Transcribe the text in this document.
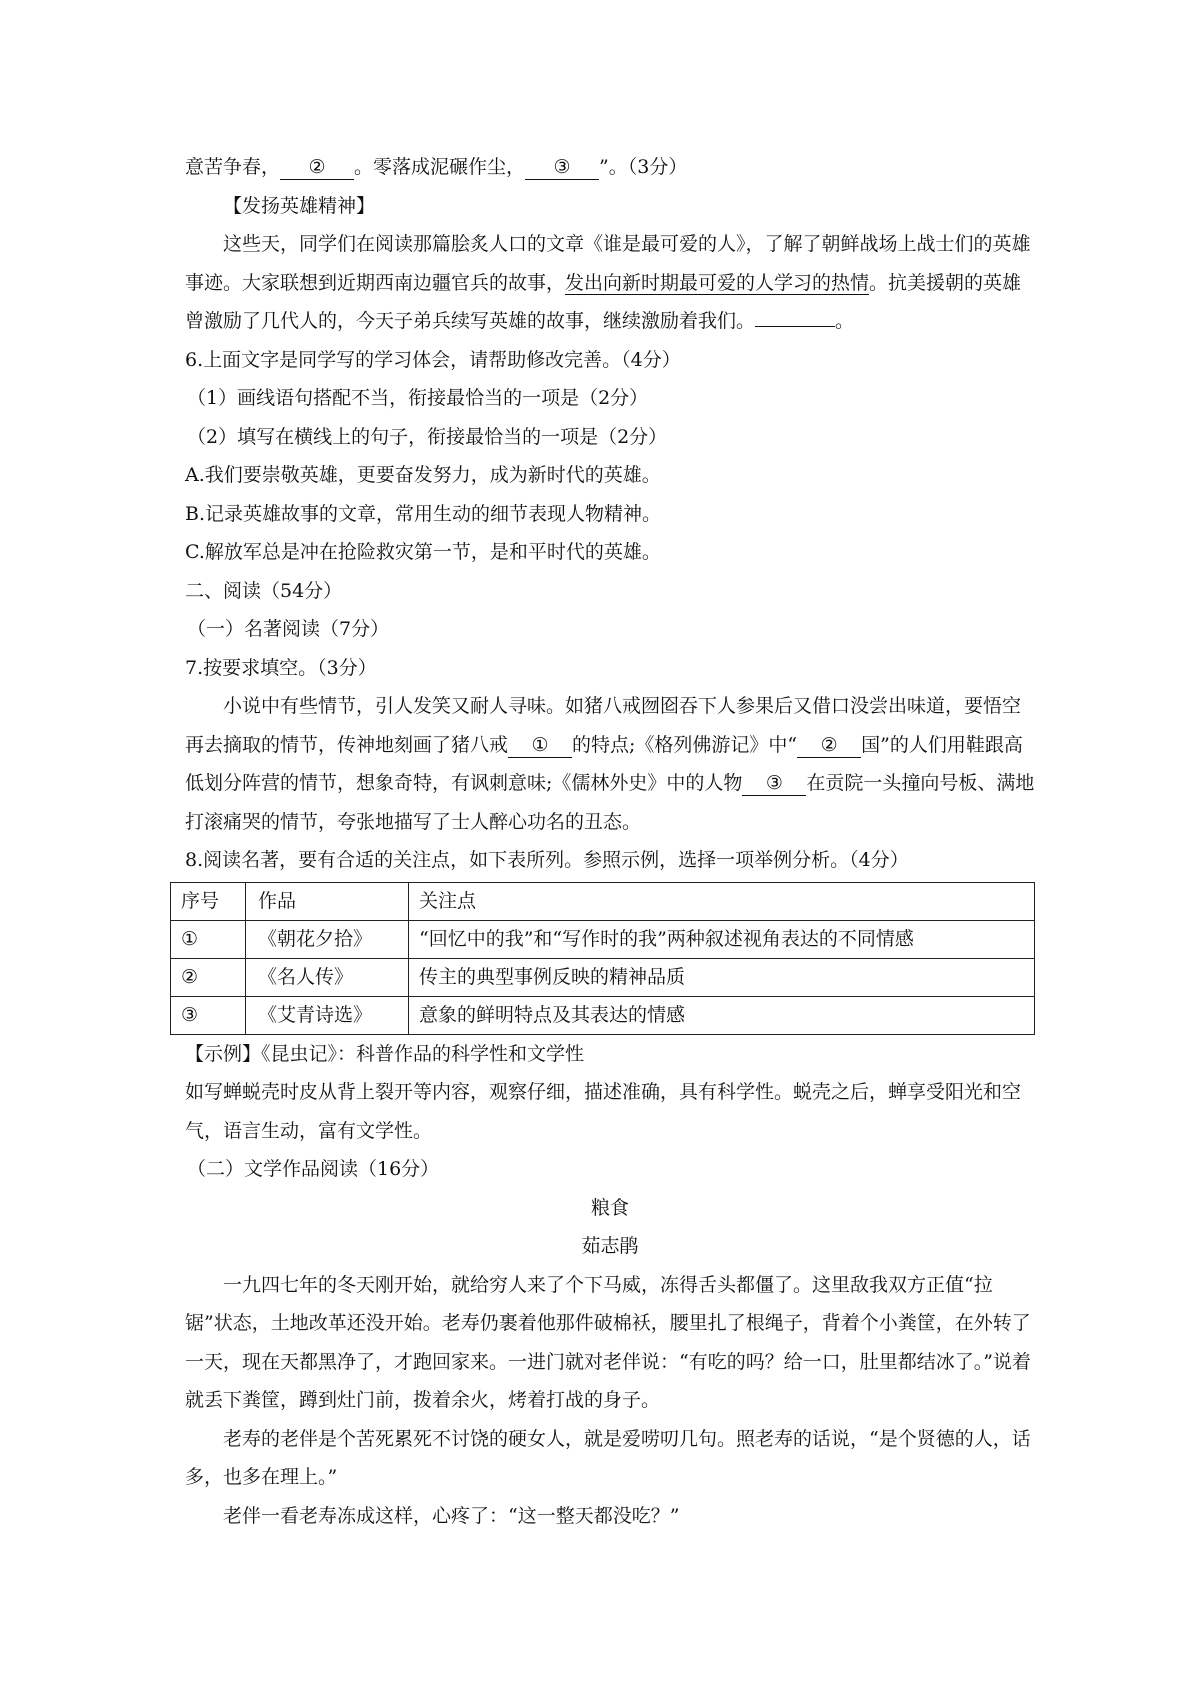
意苦争春， ② 。零落成泥碾作尘， ③ ”。（3分）

【发扬英雄精神】

这些天，同学们在阅读那篇脍炙人口的文章《谁是最可爱的人》，了解了朝鲜战场上战士们的英雄事迹。大家联想到近期西南边疆官兵的故事，发出向新时期最可爱的人学习的热情。抗美援朝的英雄曾激励了几代人的，今天子弟兵续写英雄的故事，继续激励着我们。	。

6.上面文字是同学写的学习体会，请帮助修改完善。（4分）

（1）画线语句搭配不当，衔接最恰当的一项是（2分）

（2）填写在横线上的句子，衔接最恰当的一项是（2分）

A.我们要崇敬英雄，更要奋发努力，成为新时代的英雄。

B.记录英雄故事的文章，常用生动的细节表现人物精神。

C.解放军总是冲在抢险救灾第一节，是和平时代的英雄。

二、阅读（54分）

（一）名著阅读（7分）

7.按要求填空。（3分）

小说中有些情节，引人发笑又耐人寻味。如猪八戒囫囵吞下人参果后又借口没尝出味道，要悟空再去摘取的情节，传神地刻画了猪八戒 ① 的特点;《格列佛游记》中“ ② 国”的人们用鞋跟高低划分阵营的情节，想象奇特，有讽刺意味;《儒林外史》中的人物 ③ 在贡院一头撞向号板、满地打滚痛哭的情节，夸张地描写了士人醉心功名的丑态。

8.阅读名著，要有合适的关注点，如下表所列。参照示例，选择一项举例分析。（4分）

序号	作品	关注点
①	《朝花夕拾》	“回忆中的我”和“写作时的我”两种叙述视角表达的不同情感
②	《名人传》	传主的典型事例反映的精神品质
③	《艾青诗选》	意象的鲜明特点及其表达的情感

【示例】《昆虫记》：科普作品的科学性和文学性

如写蝉蜕壳时皮从背上裂开等内容，观察仔细，描述准确，具有科学性。蜕壳之后，蝉享受阳光和空气，语言生动，富有文学性。

（二）文学作品阅读（16分）

粮食

茹志鹃

一九四七年的冬天刚开始，就给穷人来了个下马威，冻得舌头都僵了。这里敌我双方正值“拉锯”状态，土地改革还没开始。老寿仍裹着他那件破棉袄，腰里扎了根绳子，背着个小粪筐，在外转了一天，现在天都黑净了，才跑回家来。一进门就对老伴说：“有吃的吗？给一口，肚里都结冰了。”说着就丢下粪筐，蹲到灶门前，拨着余火，烤着打战的身子。

老寿的老伴是个苦死累死不讨饶的硬女人，就是爱唠叨几句。照老寿的话说，“是个贤德的人，话多，也多在理上。”

老伴一看老寿冻成这样，心疼了：“这一整天都没吃？”
